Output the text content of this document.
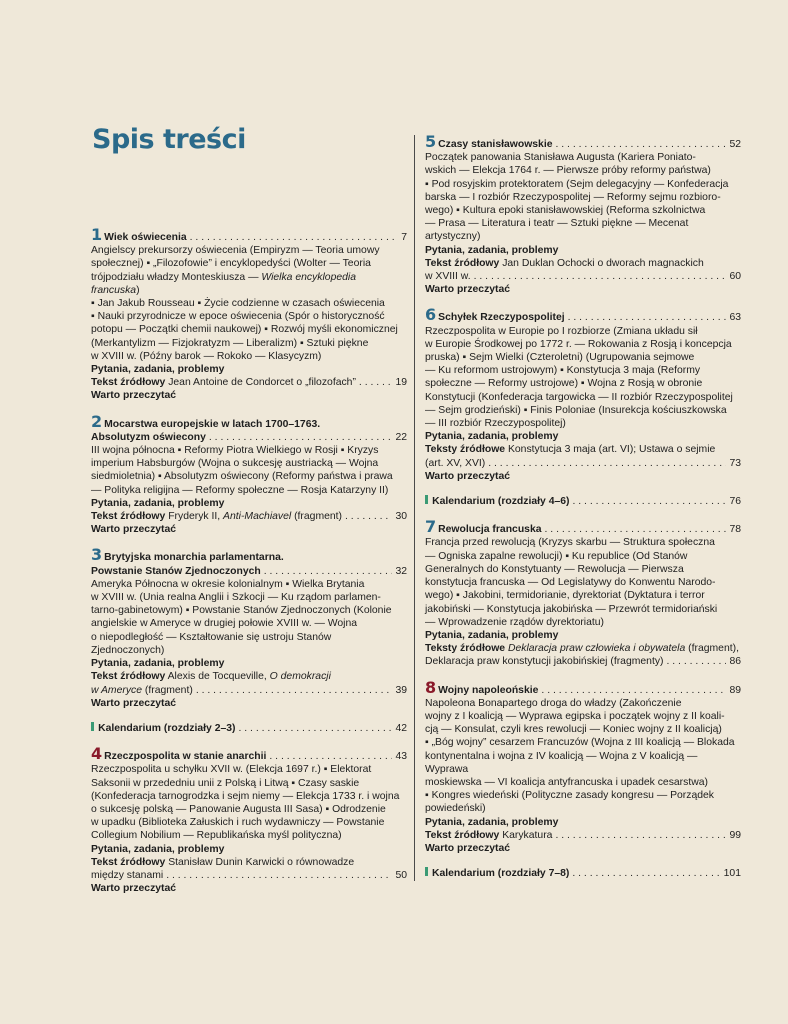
Spis treści
1 Wiek oświecenia . . .	7
Angielscy prekursorzy oświecenia (Empiryzm — Teoria umowy
społecznej) ▪ „Filozofowie” i encyklopedyści (Wolter — Teoria
trójpodziału władzy Monteskiusza — Wielka encyklopedia francuska)
▪ Jan Jakub Rousseau ▪ Życie codzienne w czasach oświecenia
▪ Nauki przyrodnicze w epoce oświecenia (Spór o historyczność
potopu — Początki chemii naukowej) ▪ Rozwój myśli ekonomicznej
(Merkantylizm — Fizjokratyzm — Liberalizm) ▪ Sztuki piękne
w XVIII w. (Późny barok — Rokoko — Klasycyzm)
Pytania, zadania, problemy
Tekst źródłowy Jean Antoine de Condorcet o „filozofach” . . .	19
Warto przeczytać
2 Mocarstwa europejskie w latach 1700–1763.
Absolutyzm oświecony . . .	22
III wojna północna ▪ Reformy Piotra Wielkiego w Rosji ▪ Kryzys
imperium Habsburgów (Wojna o sukcesję austriacką — Wojna
siedmioletnia) ▪ Absolutyzm oświecony (Reformy państwa i prawa
— Polityka religijna — Reformy społeczne — Rosja Katarzyny II)
Pytania, zadania, problemy
Tekst źródłowy Fryderyk II, Anti-Machiavel (fragment) . . .	30
Warto przeczytać
3 Brytyjska monarchia parlamentarna.
Powstanie Stanów Zjednoczonych . . .	32
Ameryka Północna w okresie kolonialnym ▪ Wielka Brytania
w XVIII w. (Unia realna Anglii i Szkocji — Ku rządom parlamen-
tarno-gabinetowym) ▪ Powstanie Stanów Zjednoczonych (Kolonie
angielskie w Ameryce w drugiej połowie XVIII w. — Wojna
o niepodległość — Kształtowanie się ustroju Stanów
Zjednoczonych)
Pytania, zadania, problemy
Tekst źródłowy Alexis de Tocqueville, O demokracji
w Ameryce (fragment) . . .	39
Warto przeczytać
Kalendarium (rozdziały 2–3) . . .	42
4 Rzeczpospolita w stanie anarchii . . .	43
Rzeczpospolita u schyłku XVII w. (Elekcja 1697 r.) ▪ Elektorat
Saksonii w przededniu unii z Polską i Litwą ▪ Czasy saskie
(Konfederacja tarnogrodzka i sejm niemy — Elekcja 1733 r. i wojna
o sukcesję polską — Panowanie Augusta III Sasa) ▪ Odrodzenie
w upadku (Biblioteka Załuskich i ruch wydawniczy — Powstanie
Collegium Nobilium — Republikańska myśl polityczna)
Pytania, zadania, problemy
Tekst źródłowy Stanisław Dunin Karwicki o równowadze
między stanami . . .	50
Warto przeczytać
5 Czasy stanisławowskie . . .	52
Początek panowania Stanisława Augusta (Kariera Poniato-
wskich — Elekcja 1764 r. — Pierwsze próby reformy państwa)
▪ Pod rosyjskim protektoratem (Sejm delegacyjny — Konfederacja
barska — I rozbiór Rzeczypospolitej — Reformy sejmu rozbioro-
wego) ▪ Kultura epoki stanisławowskiej (Reforma szkolnictwa
— Prasa — Literatura i teatr — Sztuki piękne — Mecenat
artystyczny)
Pytania, zadania, problemy
Tekst źródłowy Jan Duklan Ochocki o dworach magnackich
w XVIII w. . . .	60
Warto przeczytać
6 Schyłek Rzeczypospolitej . . .	63
Rzeczpospolita w Europie po I rozbiorze (Zmiana układu sił
w Europie Środkowej po 1772 r. — Rokowania z Rosją i koncepcja
pruska) ▪ Sejm Wielki (Czteroletni) (Ugrupowania sejmowe
— Ku reformom ustrojowym) ▪ Konstytucja 3 maja (Reformy
społeczne — Reformy ustrojowe) ▪ Wojna z Rosją w obronie
Konstytucji (Konfederacja targowicka — II rozbiór Rzeczypospolitej
— Sejm grodzieński) ▪ Finis Poloniae (Insurekcja kościuszkowska
— III rozbiór Rzeczypospolitej)
Pytania, zadania, problemy
Teksty źródłowe Konstytucja 3 maja (art. VI); Ustawa o sejmie
(art. XV, XVI) . . .	73
Warto przeczytać
Kalendarium (rozdziały 4–6) . . .	76
7 Rewolucja francuska . . .	78
Francja przed rewolucją (Kryzys skarbu — Struktura społeczna
— Ogniska zapalne rewolucji) ▪ Ku republice (Od Stanów
Generalnych do Konstytuanty — Rewolucja — Pierwsza
konstytucja francuska — Od Legislatywy do Konwentu Narodo-
wego) ▪ Jakobini, termidorianie, dyrektoriat (Dyktatura i terror
jakobiński — Konstytucja jakobińska — Przewrót termidoriański
— Wprowadzenie rządów dyrektoriatu)
Pytania, zadania, problemy
Teksty źródłowe Deklaracja praw człowieka i obywatela (fragment),
Deklaracja praw konstytucji jakobińskiej (fragmenty) . . .	86
8 Wojny napoleońskie . . .	89
Napoleona Bonapartego droga do władzy (Zakończenie
wojny z I koalicją — Wyprawa egipska i początek wojny z II koali-
cją — Konsulat, czyli kres rewolucji — Koniec wojny z II koalicją)
▪ „Bóg wojny” cesarzem Francuzów (Wojna z III koalicją — Blokada
kontynentalna i wojna z IV koalicją — Wojna z V koalicją — Wyprawa
moskiewska — VI koalicja antyfrancuska i upadek cesarstwa)
▪ Kongres wiedeński (Polityczne zasady kongresu — Porządek
powiedeński)
Pytania, zadania, problemy
Tekst źródłowy Karykatura . . .	99
Warto przeczytać
Kalendarium (rozdziały 7–8) . . .	101
